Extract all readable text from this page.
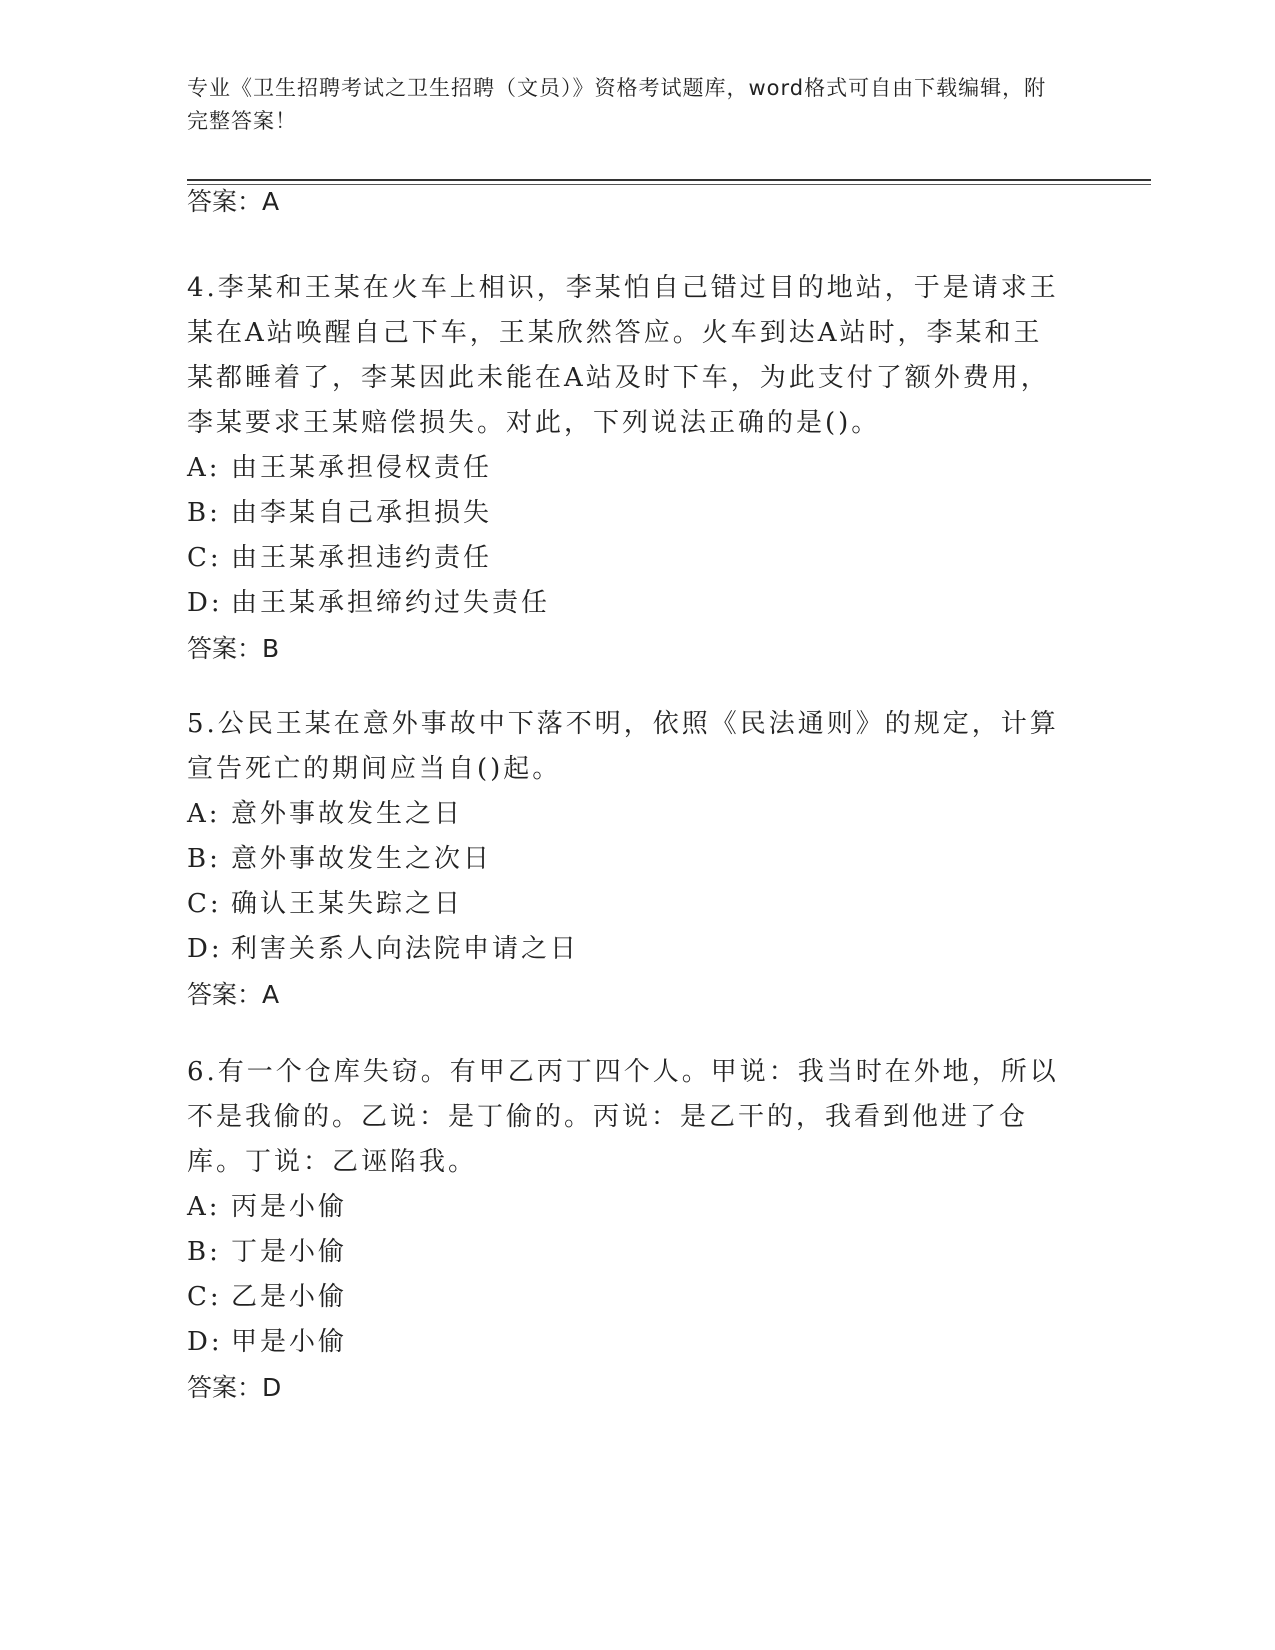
专业《卫生招聘考试之卫生招聘（文员）》资格考试题库，word格式可自由下载编辑，附完整答案！
答案：A

4.李某和王某在火车上相识，李某怕自己错过目的地站，于是请求王某在A站唤醒自己下车，王某欣然答应。火车到达A站时，李某和王某都睡着了，李某因此未能在A站及时下车，为此支付了额外费用，李某要求王某赔偿损失。对此，下列说法正确的是()。

A: 由王某承担侵权责任
B: 由李某自己承担损失
C: 由王某承担违约责任
D: 由王某承担缔约过失责任
答案：B

5.公民王某在意外事故中下落不明，依照《民法通则》的规定，计算宣告死亡的期间应当自()起。

A: 意外事故发生之日
B: 意外事故发生之次日
C: 确认王某失踪之日
D: 利害关系人向法院申请之日
答案：A

6.有一个仓库失窃。有甲乙丙丁四个人。甲说：我当时在外地，所以不是我偷的。乙说：是丁偷的。丙说：是乙干的，我看到他进了仓库。丁说：乙诬陷我。

A: 丙是小偷
B: 丁是小偷
C: 乙是小偷
D: 甲是小偷
答案：D
